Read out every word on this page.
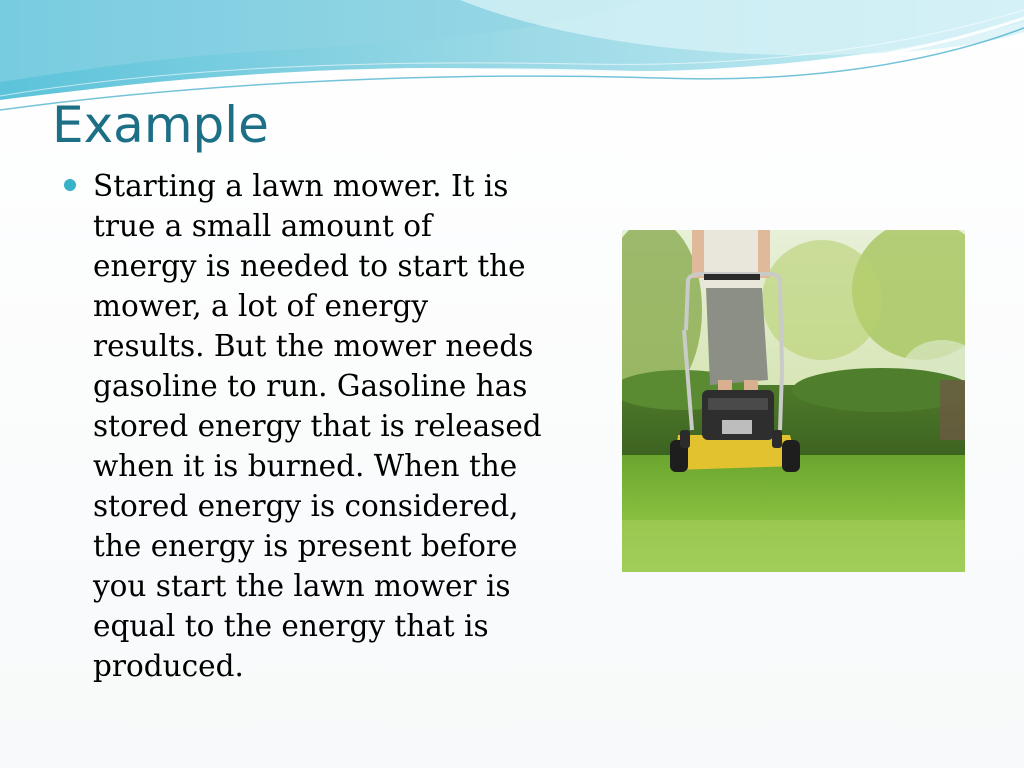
Example

Starting a lawn mower. It is
true a small amount of
energy is needed to start the
mower, a lot of energy
results. But the mower needs
gasoline to run. Gasoline has
stored energy that is released
when it is burned. When the
stored energy is considered,
the energy is present before
you start the lawn mower is
equal to the energy that is
produced.
